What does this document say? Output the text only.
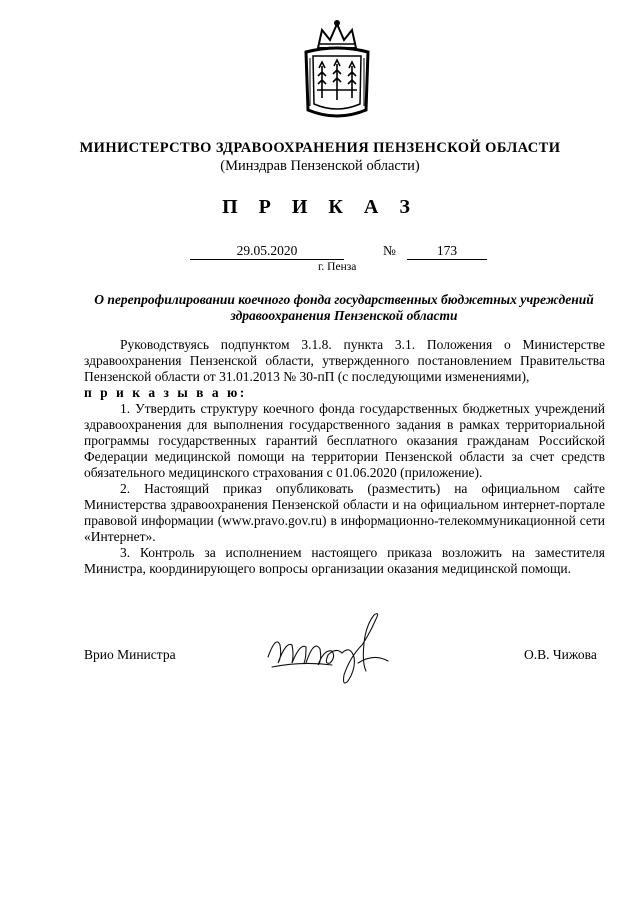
МИНИСТЕРСТВО ЗДРАВООХРАНЕНИЯ ПЕНЗЕНСКОЙ ОБЛАСТИ
(Минздрав Пензенской области)
П Р И К А З
29.05.2020	№	173
г. Пенза
О перепрофилировании коечного фонда государственных бюджетных учреждений здравоохранения Пензенской области

Руководствуясь подпунктом 3.1.8. пункта 3.1. Положения о Министерстве здравоохранения Пензенской области, утвержденного постановлением Правительства Пензенской области от 31.01.2013 № 30-пП (с последующими изменениями),

п р и к а з ы в а ю:

1. Утвердить структуру коечного фонда государственных бюджетных учреждений здравоохранения для выполнения государственного задания в рамках территориальной программы государственных гарантий бесплатного оказания гражданам Российской Федерации медицинской помощи на территории Пензенской области за счет средств обязательного медицинского страхования с 01.06.2020 (приложение).

2. Настоящий приказ опубликовать (разместить) на официальном сайте Министерства здравоохранения Пензенской области и на официальном интернет-портале правовой информации (www.pravo.gov.ru) в информационно-телекоммуникационной сети «Интернет».

3. Контроль за исполнением настоящего приказа возложить на заместителя Министра, координирующего вопросы организации оказания медицинской помощи.

Врио Министра	О.В. Чижова
